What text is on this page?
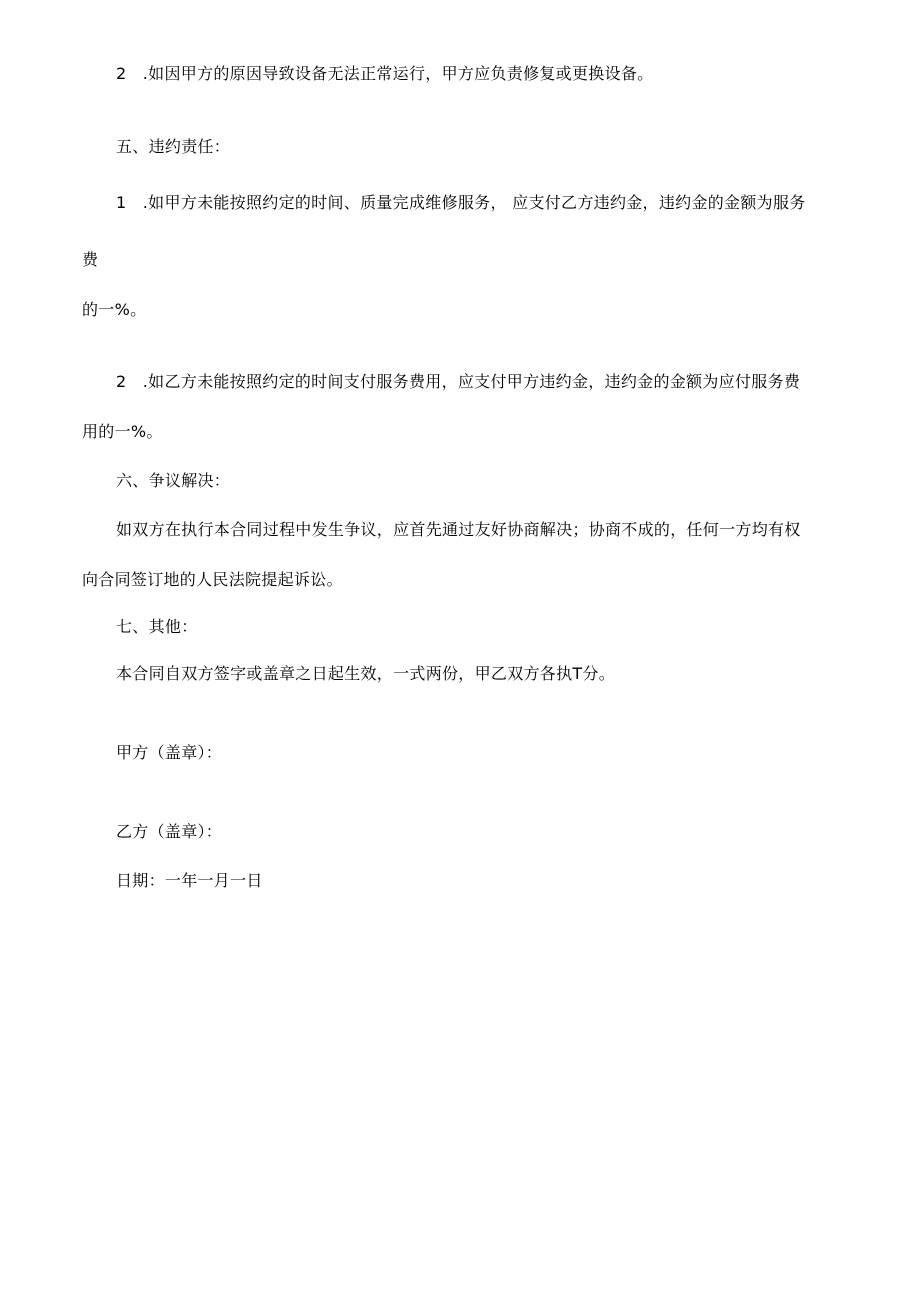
2　.如因甲方的原因导致设备无法正常运行，甲方应负责修复或更换设备。
五、违约责任：
1　.如甲方未能按照约定的时间、质量完成维修服务， 应支付乙方违约金，违约金的金额为服务
费
的一%。
2　.如乙方未能按照约定的时间支付服务费用，应支付甲方违约金，违约金的金额为应付服务费
用的一%。
六、争议解决：
如双方在执行本合同过程中发生争议，应首先通过友好协商解决；协商不成的，任何一方均有权
向合同签订地的人民法院提起诉讼。
七、其他：
本合同自双方签字或盖章之日起生效，一式两份，甲乙双方各执T分。
甲方（盖章）：
乙方（盖章）：
日期：一年一月一日
